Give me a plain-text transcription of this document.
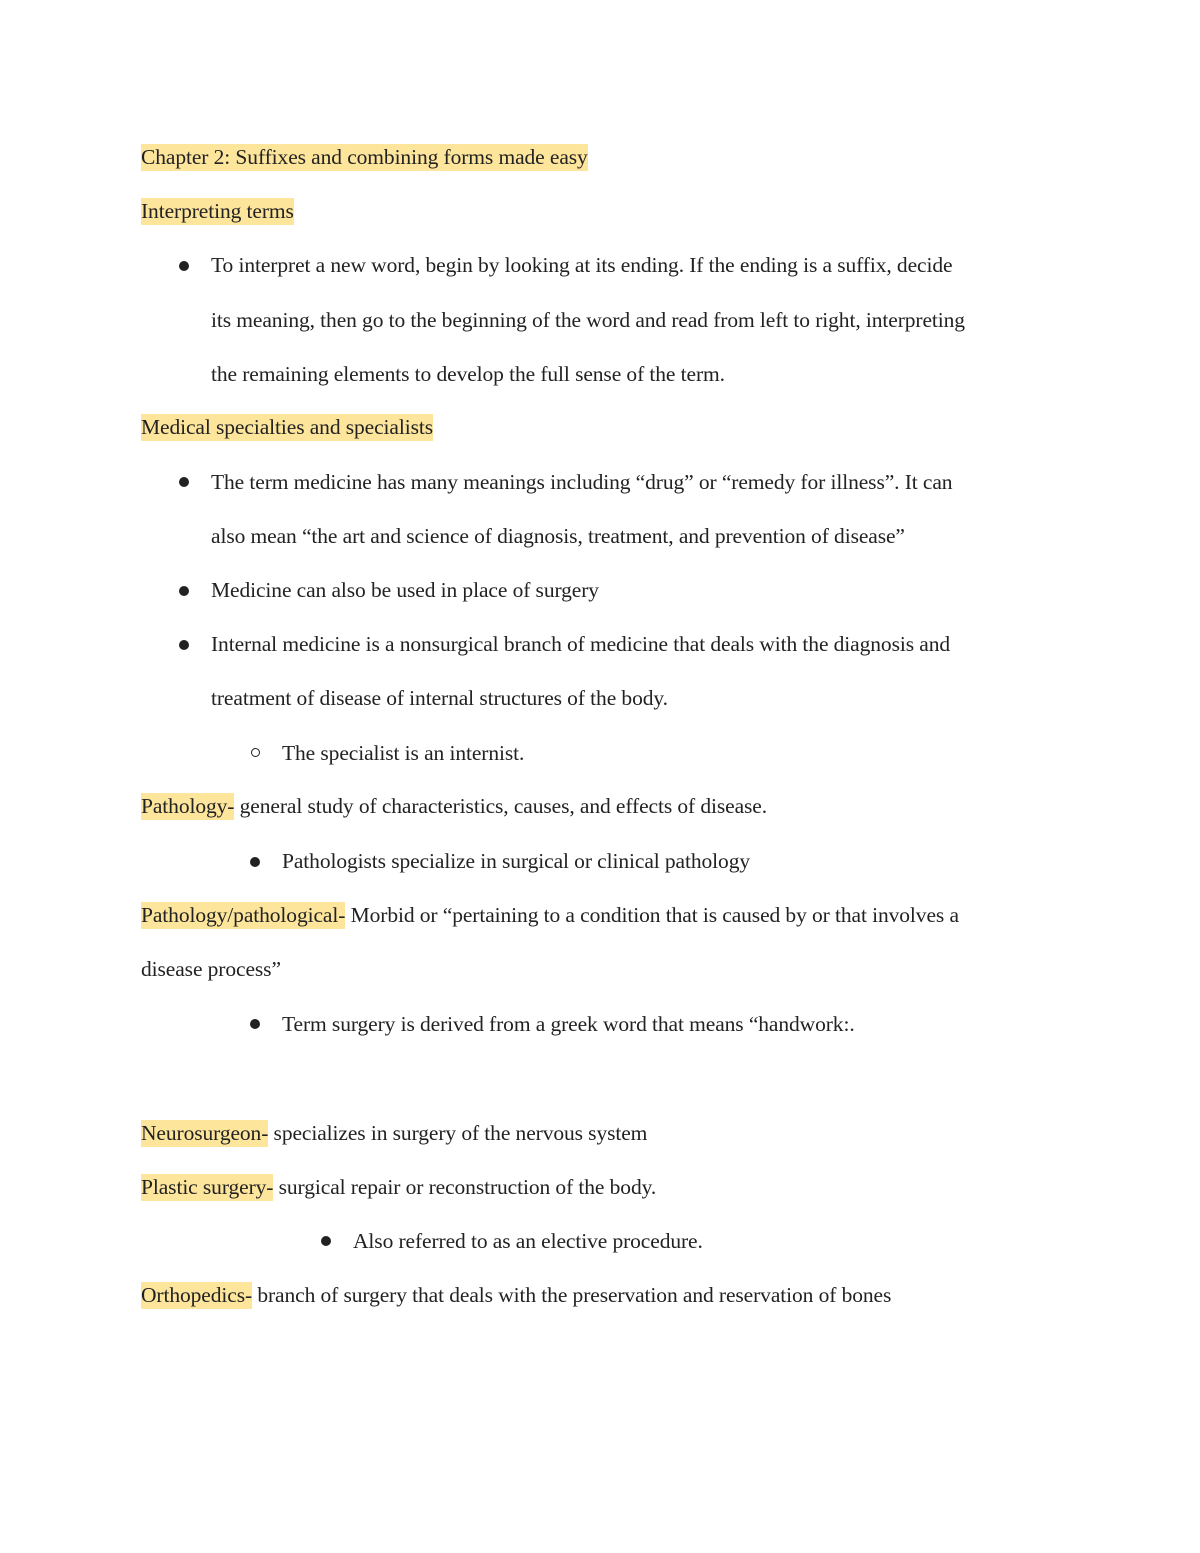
Chapter 2: Suffixes and combining forms made easy
Interpreting terms
To interpret a new word, begin by looking at its ending. If the ending is a suffix, decide
its meaning, then go to the beginning of the word and read from left to right, interpreting
the remaining elements to develop the full sense of the term.
Medical specialties and specialists
The term medicine has many meanings including “drug” or “remedy for illness”. It can
also mean “the art and science of diagnosis, treatment, and prevention of disease”
Medicine can also be used in place of surgery
Internal medicine is a nonsurgical branch of medicine that deals with the diagnosis and
treatment of disease of internal structures of the body.
The specialist is an internist.
Pathology- general study of characteristics, causes, and effects of disease.
Pathologists specialize in surgical or clinical pathology
Pathology/pathological- Morbid or “pertaining to a condition that is caused by or that involves a
disease process”
Term surgery is derived from a greek word that means “handwork:.
Neurosurgeon- specializes in surgery of the nervous system
Plastic surgery- surgical repair or reconstruction of the body.
Also referred to as an elective procedure.
Orthopedics- branch of surgery that deals with the preservation and reservation of bones
